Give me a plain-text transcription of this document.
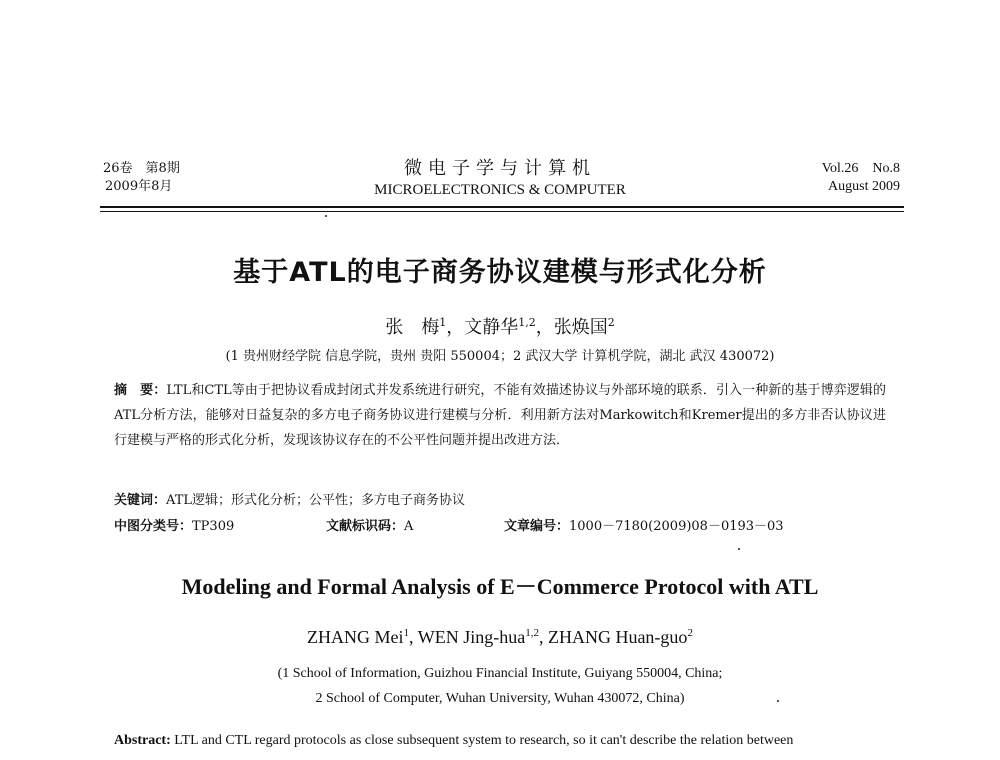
26卷　第8期
2009年8月
微电子学与计算机
MICROELECTRONICS & COMPUTER
Vol.26　No.8
August 2009
基于ATL的电子商务协议建模与形式化分析
张　梅$^1$，文静华$^{1,2}$，张焕国$^2$
(1 贵州财经学院 信息学院，贵州 贵阳 550004；2 武汉大学 计算机学院，湖北 武汉 430072)
摘　要：LTL和CTL等由于把协议看成封闭式并发系统进行研究，不能有效描述协议与外部环境的联系．引入一种新的基于博弈逻辑的ATL分析方法，能够对日益复杂的多方电子商务协议进行建模与分析．利用新方法对Markowitch和Kremer提出的多方非否认协议进行建模与严格的形式化分析，发现该协议存在的不公平性问题并提出改进方法．
关键词：ATL逻辑；形式化分析；公平性；多方电子商务协议
中图分类号：TP309	文献标识码：A	文章编号：1000－7180(2009)08－0193－03
Modeling and Formal Analysis of E－Commerce Protocol with ATL
ZHANG Mei$^1$, WEN Jing-hua$^{1,2}$, ZHANG Huan-guo$^2$
(1 School of Information, Guizhou Financial Institute, Guiyang 550004, China;
2 School of Computer, Wuhan University, Wuhan 430072, China)
Abstract: LTL and CTL regard protocols as close subsequent system to research, so it can't describe the relation between
